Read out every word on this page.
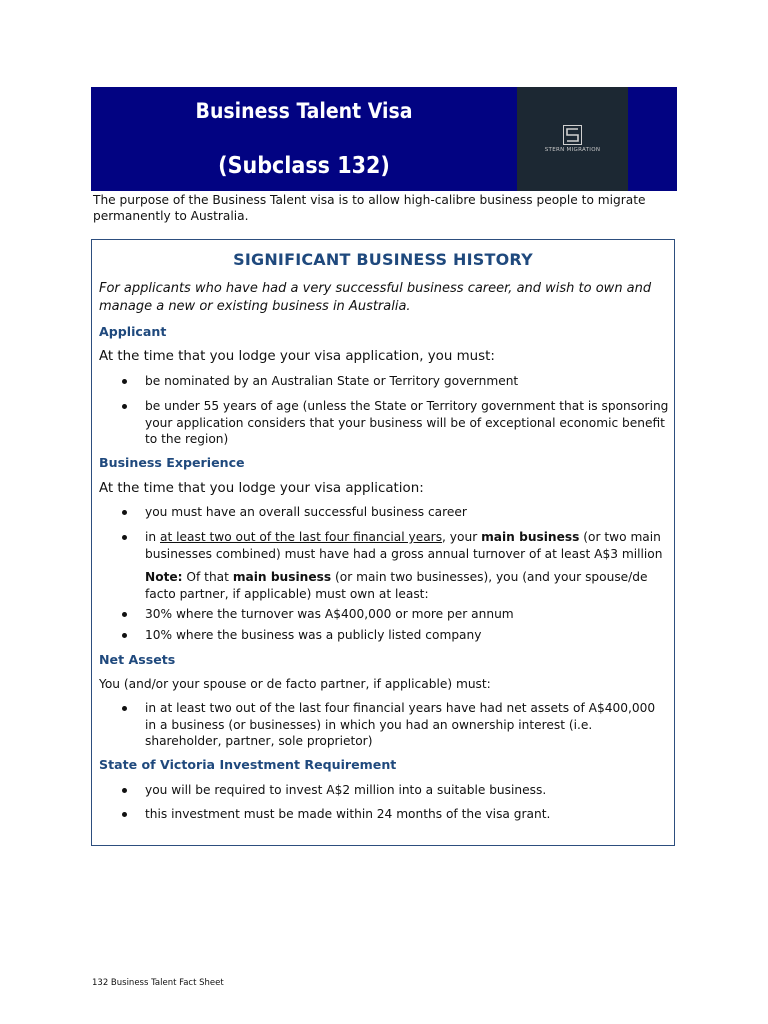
Business Talent Visa
(Subclass 132)
STERN MIGRATION
The purpose of the Business Talent visa is to allow high-calibre business people to migrate permanently to Australia.
SIGNIFICANT BUSINESS HISTORY
For applicants who have had a very successful business career, and wish to own and manage a new or existing business in Australia.
Applicant
At the time that you lodge your visa application, you must:
be nominated by an Australian State or Territory government
be under 55 years of age (unless the State or Territory government that is sponsoring your application considers that your business will be of exceptional economic benefit to the region)
Business Experience
At the time that you lodge your visa application:
you must have an overall successful business career
in at least two out of the last four financial years, your main business (or two main businesses combined) must have had a gross annual turnover of at least A$3 million
Note: Of that main business (or main two businesses), you (and your spouse/de facto partner, if applicable) must own at least:
30% where the turnover was A$400,000 or more per annum
10% where the business was a publicly listed company
Net Assets
You (and/or your spouse or de facto partner, if applicable) must:
in at least two out of the last four financial years have had net assets of A$400,000 in a business (or businesses) in which you had an ownership interest (i.e. shareholder, partner, sole proprietor)
State of Victoria Investment Requirement
you will be required to invest A$2 million into a suitable business.
this investment must be made within 24 months of the visa grant.
132 Business Talent Fact Sheet
